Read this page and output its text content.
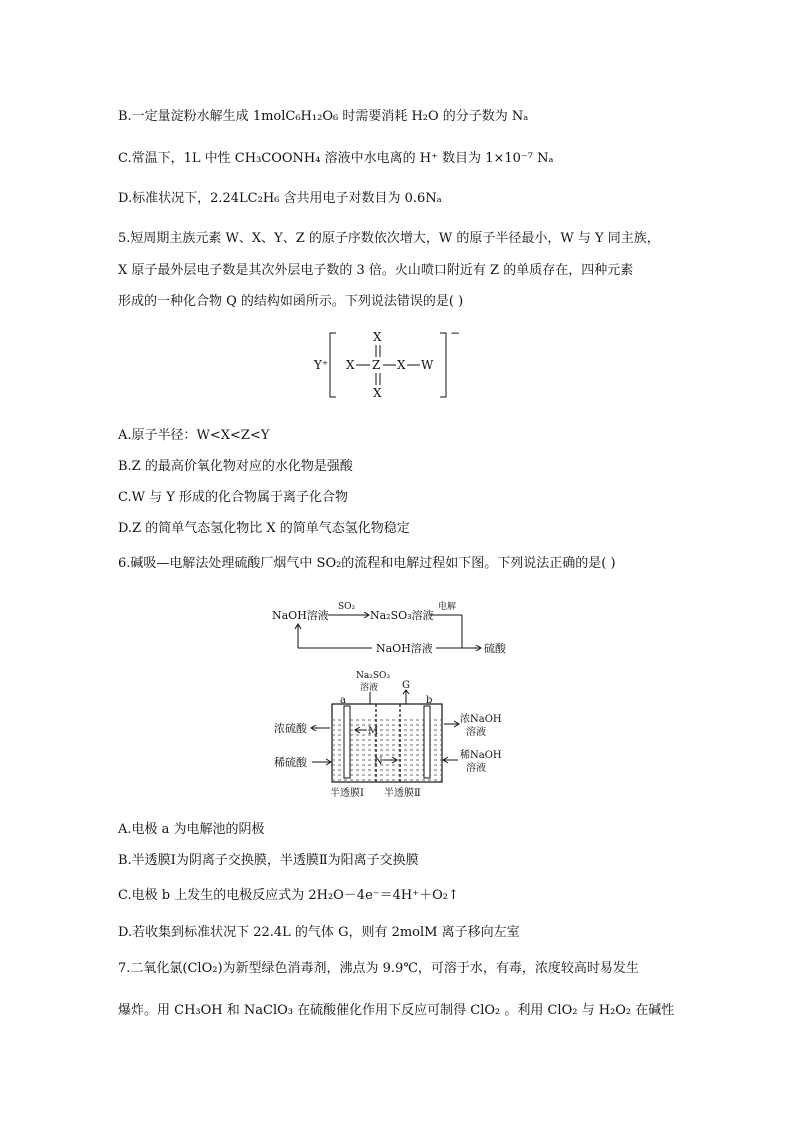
B.一定量淀粉水解生成 1molC₆H₁₂O₆ 时需要消耗 H₂O 的分子数为 Nₐ
C.常温下，1L 中性 CH₃COONH₄ 溶液中水电离的 H⁺ 数目为 1×10⁻⁷ Nₐ
D.标准状况下，2.24LC₂H₆ 含共用电子对数目为 0.6Nₐ
5.短周期主族元素 W、X、Y、Z 的原子序数依次增大，W 的原子半径最小，W 与 Y 同主族，
X 原子最外层电子数是其次外层电子数的 3 倍。火山喷口附近有 Z 的单质存在，四种元素
形成的一种化合物 Q 的结构如函所示。下列说法错误的是( )
Y⁺
−
X
X Z X W
X
A.原子半径：W<X<Z<Y
B.Z 的最高价氧化物对应的水化物是强酸
C.W 与 Y 形成的化合物属于离子化合物
D.Z 的简单气态氢化物比 X 的简单气态氢化物稳定
6.碱吸—电解法处理硫酸厂烟气中 SO₂的流程和电解过程如下图。下列说法正确的是( )
NaOH溶液
SO₂
Na₂SO₃溶液
电解
硫酸
NaOH溶液
Na₂SO₃
溶液 G
a	b
M
N
浓硫酸
稀硫酸
浓NaOH
溶液
稀NaOH
溶液
半透膜Ⅰ 半透膜Ⅱ
A.电极 a 为电解池的阴极
B.半透膜Ⅰ为阴离子交换膜，半透膜Ⅱ为阳离子交换膜
C.电极 b 上发生的电极反应式为 2H₂O－4e⁻＝4H⁺＋O₂↑
D.若收集到标准状况下 22.4L 的气体 G，则有 2molM 离子移向左室
7.二氧化氯(ClO₂)为新型绿色消毒剂，沸点为 9.9℃，可溶于水，有毒，浓度较高时易发生
爆炸。用 CH₃OH 和 NaClO₃ 在硫酸催化作用下反应可制得 ClO₂ 。利用 ClO₂ 与 H₂O₂ 在碱性
